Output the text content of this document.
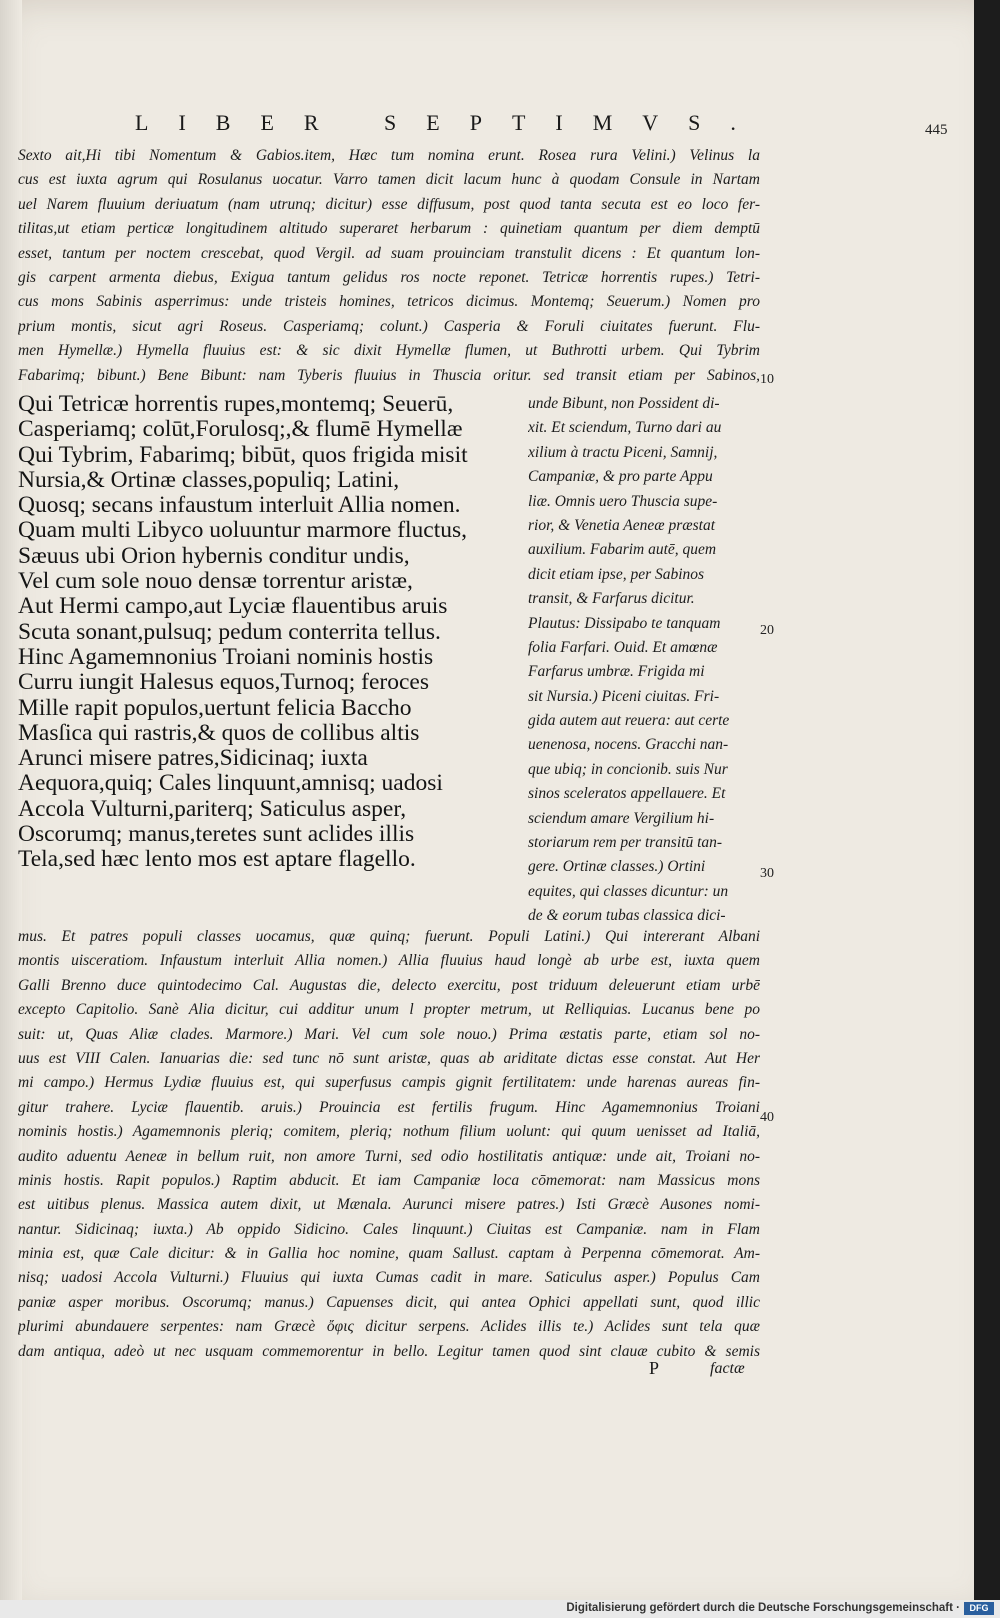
LIBER SEPTIMVS.	445
Sexto ait,Hi tibi Nomentum & Gabios.item, Hæc tum nomina erunt. Rosea rura Velini.) Velinus la
cus est iuxta agrum qui Rosulanus uocatur. Varro tamen dicit lacum hunc à quodam Consule in Nartam
uel Narem fluuium deriuatum (nam utrunq; dicitur) esse diffusum, post quod tanta secuta est eo loco fer-
tilitas,ut etiam perticæ longitudinem altitudo superaret herbarum : quinetiam quantum per diem demptū
esset, tantum per noctem crescebat, quod Vergil. ad suam prouinciam transtulit dicens : Et quantum lon-
gis carpent armenta diebus, Exigua tantum gelidus ros nocte reponet. Tetricæ horrentis rupes.) Tetri-
cus mons Sabinis asperrimus: unde tristeis homines, tetricos dicimus. Montemq; Seuerum.) Nomen pro
prium montis, sicut agri Roseus. Casperiamq; colunt.) Casperia & Foruli ciuitates fuerunt. Flu-
men Hymellæ.) Hymella fluuius est: & sic dixit Hymellæ flumen, ut Buthrotti urbem. Qui Tybrim
Fabarimq; bibunt.) Bene Bibunt: nam Tyberis fluuius in Thuscia oritur. sed transit etiam per Sabinos,
Qui Tetricæ horrentis rupes,montemq; Seuerū,
Casperiamq; colūt,Forulosq;,& flumē Hymellæ
Qui Tybrim, Fabarimq; bibūt, quos frigida misit
Nursia,& Ortinæ classes,populiq; Latini,
Quosq; secans infaustum interluit Allia nomen.
Quam multi Libyco uoluuntur marmore fluctus,
Sæuus ubi Orion hybernis conditur undis,
Vel cum sole nouo densæ torrentur aristæ,
Aut Hermi campo,aut Lyciæ flauentibus aruis
Scuta sonant,pulsuq; pedum conterrita tellus.
Hinc Agamemnonius Troiani nominis hostis
Curru iungit Halesus equos,Turnoq; feroces
Mille rapit populos,uertunt felicia Baccho
Masſica qui rastris,& quos de collibus altis
Arunci misere patres,Sidicinaq; iuxta
Aequora,quiq; Cales linquunt,amnisq; uadosi
Accola Vulturni,pariterq; Saticulus asper,
Oscorumq; manus,teretes sunt aclides illis
Tela,sed hæc lento mos est aptare flagello.
unde Bibunt, non Possident di-
xit. Et sciendum, Turno dari au
xilium à tractu Piceni, Samnij,
Campaniæ, & pro parte Appu
liæ. Omnis uero Thuscia supe-
rior, & Venetia Aeneæ præstat
auxilium. Fabarim autē, quem
dicit etiam ipse, per Sabinos
transit, & Farfarus dicitur.
Plautus: Dissipabo te tanquam
folia Farfari. Ouid. Et amœnæ
Farfarus umbræ. Frigida mi
sit Nursia.) Piceni ciuitas. Fri-
gida autem aut reuera: aut certe
uenenosa, nocens. Gracchi nan-
que ubiq; in concionib. suis Nur
sinos sceleratos appellauere. Et
sciendum amare Vergilium hi-
storiarum rem per transitū tan-
gere. Ortinæ classes.) Ortini
equites, qui classes dicuntur: un
de & eorum tubas classica dici-
mus. Et patres populi classes uocamus, quæ quinq; fuerunt. Populi Latini.) Qui intererant Albani
montis uisceratiom. Infaustum interluit Allia nomen.) Allia fluuius haud longè ab urbe est, iuxta quem
Galli Brenno duce quintodecimo Cal. Augustas die, delecto exercitu, post triduum deleuerunt etiam urbē
excepto Capitolio. Sanè Alia dicitur, cui additur unum l propter metrum, ut Relliquias. Lucanus bene po
suit: ut, Quas Aliæ clades. Marmore.) Mari. Vel cum sole nouo.) Prima æstatis parte, etiam sol no-
uus est VIII Calen. Ianuarias die: sed tunc nō sunt aristæ, quas ab ariditate dictas esse constat. Aut Her
mi campo.) Hermus Lydiæ fluuius est, qui superfusus campis gignit fertilitatem: unde harenas aureas fin-
gitur trahere. Lyciæ flauentib. aruis.) Prouincia est fertilis frugum. Hinc Agamemnonius Troiani
nominis hostis.) Agamemnonis pleriq; comitem, pleriq; nothum filium uolunt: qui quum uenisset ad Italiā,
audito aduentu Aeneæ in bellum ruit, non amore Turni, sed odio hostilitatis antiquæ: unde ait, Troiani no-
minis hostis. Rapit populos.) Raptim abducit. Et iam Campaniæ loca cōmemorat: nam Massicus mons
est uitibus plenus. Massica autem dixit, ut Mænala. Aurunci misere patres.) Isti Græcè Ausones nomi-
nantur. Sidicinaq; iuxta.) Ab oppido Sidicino. Cales linquunt.) Ciuitas est Campaniæ. nam in Flam
minia est, quæ Cale dicitur: & in Gallia hoc nomine, quam Sallust. captam à Perpenna cōmemorat. Am-
nisq; uadosi Accola Vulturni.) Fluuius qui iuxta Cumas cadit in mare. Saticulus asper.) Populus Cam
paniæ asper moribus. Oscorumq; manus.) Capuenses dicit, qui antea Ophici appellati sunt, quod illic
plurimi abundauere serpentes: nam Græcè ὄφις dicitur serpens. Aclides illis te.) Aclides sunt tela quæ
dam antiqua, adeò ut nec usquam commemorentur in bello. Legitur tamen quod sint clauæ cubito & semis
10
20
30
40
P	factæ
Digitalisierung gefördert durch die Deutsche Forschungsgemeinschaft ·	DFG
